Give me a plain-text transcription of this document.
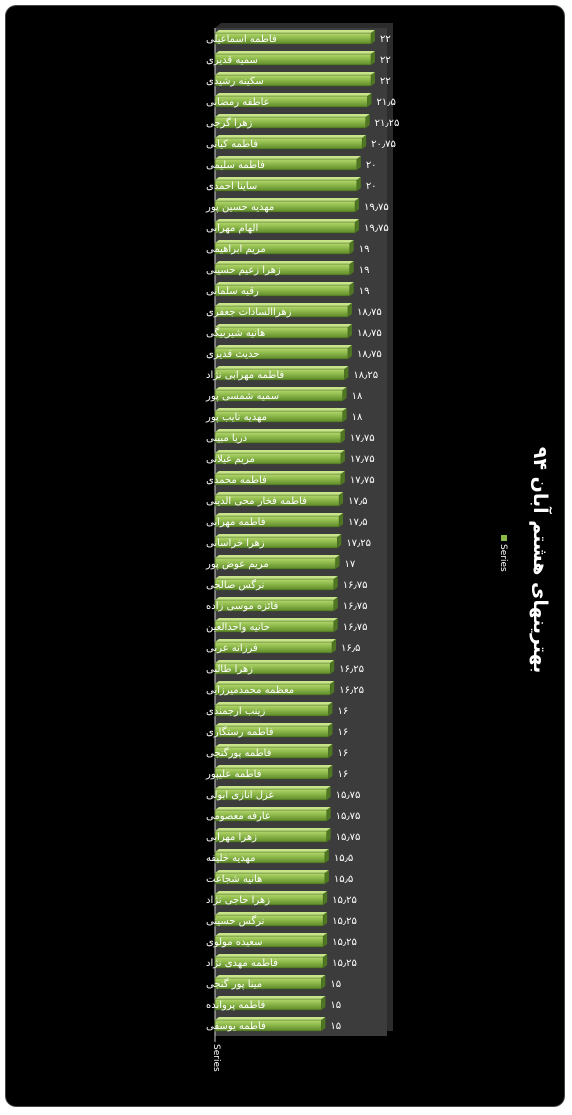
فاطمه اسماعیلی	۲۲
سمیه قدیری	۲۲
سکینه رشیدی	۲۲
عاطفه رمضانی	۲۱٫۵
زهرا گرجی	۲۱٫۲۵
فاطمه کیانی	۲۰٫۷۵
فاطمه سلیمی	۲۰
ساینا احمدی	۲۰
مهدیه حسین پور	۱۹٫۷۵
الهام مهرابی	۱۹٫۷۵
مریم ابراهیمی	۱۹
زهرا زعیم حسینی	۱۹
رقیه سلمانی	۱۹
زهراالسادات جعفری	۱۸٫۷۵
هانیه شیربیگی	۱۸٫۷۵
حدیث قدیری	۱۸٫۷۵
فاطمه مهرابی نژاد	۱۸٫۲۵
سمیه شمسی پور	۱۸
مهدیه نایب پور	۱۸
دریا مبینی	۱۷٫۷۵
مریم غیلانی	۱۷٫۷۵
فاطمه محمدی	۱۷٫۷۵
فاطمه فخار محی الدینی	۱۷٫۵
فاطمه مهرابی	۱۷٫۵
زهرا خراسانی	۱۷٫۲۵
مریم عوض پور	۱۷
نرگس صالحی	۱۶٫۷۵
فائزه موسی زاده	۱۶٫۷۵
حانیه واحدالعین	۱۶٫۷۵
فرزانه عربی	۱۶٫۵
زهرا طالبی	۱۶٫۲۵
معظمه محمدمیرزایی	۱۶٫۲۵
زینب ارجمندی	۱۶
فاطمه رستگاری	۱۶
فاطمه پورگنجی	۱۶
فاطمه علیپور	۱۶
غزل انازی ابولی	۱۵٫۷۵
عارفه معصومی	۱۵٫۷۵
زهرا مهرابی	۱۵٫۷۵
مهدیه خلیفه	۱۵٫۵
هانیه شجاعت	۱۵٫۵
زهرا حاجی نژاد	۱۵٫۲۵
نرگس حسینی	۱۵٫۲۵
سعیده مولوی	۱۵٫۲۵
فاطمه مهدی نژاد	۱۵٫۲۵
مینا پور گنجی	۱۵
فاطمه پروانده	۱۵
فاطمه یوسفی	۱۵
Series‏
بهترینهای هشتم آبان ۹۴
Series‏
